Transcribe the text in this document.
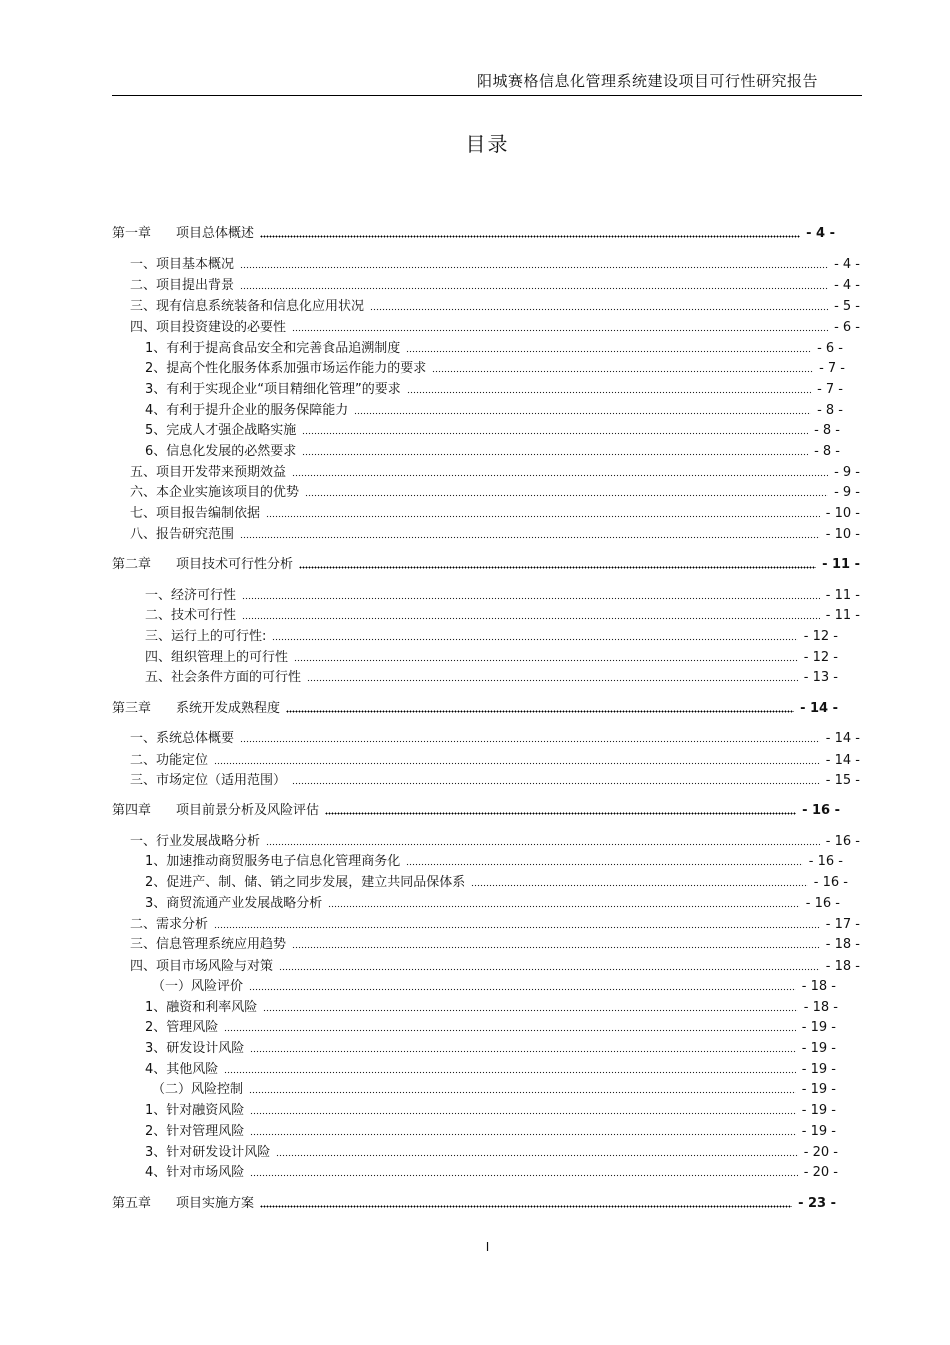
阳城赛格信息化管理系统建设项目可行性研究报告
目录
第一章 项目总体概述	- 4 -
一、项目基本概况	- 4 -
二、项目提出背景	- 4 -
三、现有信息系统装备和信息化应用状况	- 5 -
四、项目投资建设的必要性	- 6 -
1、有利于提高食品安全和完善食品追溯制度	- 6 -
2、提高个性化服务体系加强市场运作能力的要求	- 7 -
3、有利于实现企业“项目精细化管理”的要求	- 7 -
4、有利于提升企业的服务保障能力	- 8 -
5、完成人才强企战略实施	- 8 -
6、信息化发展的必然要求	- 8 -
五、项目开发带来预期效益	- 9 -
六、本企业实施该项目的优势	- 9 -
七、项目报告编制依据	- 10 -
八、报告研究范围	- 10 -
第二章 项目技术可行性分析	- 11 -
一、经济可行性	- 11 -
二、技术可行性	- 11 -
三、运行上的可行性:	- 12 -
四、组织管理上的可行性	- 12 -
五、社会条件方面的可行性	- 13 -
第三章 系统开发成熟程度	- 14 -
一、系统总体概要	- 14 -
二、功能定位	- 14 -
三、市场定位（适用范围）	- 15 -
第四章 项目前景分析及风险评估	- 16 -
一、行业发展战略分析	- 16 -
1、加速推动商贸服务电子信息化管理商务化	- 16 -
2、促进产、制、储、销之同步发展，建立共同品保体系	- 16 -
3、商贸流通产业发展战略分析	- 16 -
二、需求分析	- 17 -
三、信息管理系统应用趋势	- 18 -
四、项目市场风险与对策	- 18 -
（一）风险评价	- 18 -
1、融资和利率风险	- 18 -
2、管理风险	- 19 -
3、研发设计风险	- 19 -
4、其他风险	- 19 -
（二）风险控制	- 19 -
1、针对融资风险	- 19 -
2、针对管理风险	- 19 -
3、针对研发设计风险	- 20 -
4、针对市场风险	- 20 -
第五章 项目实施方案	- 23 -
I
